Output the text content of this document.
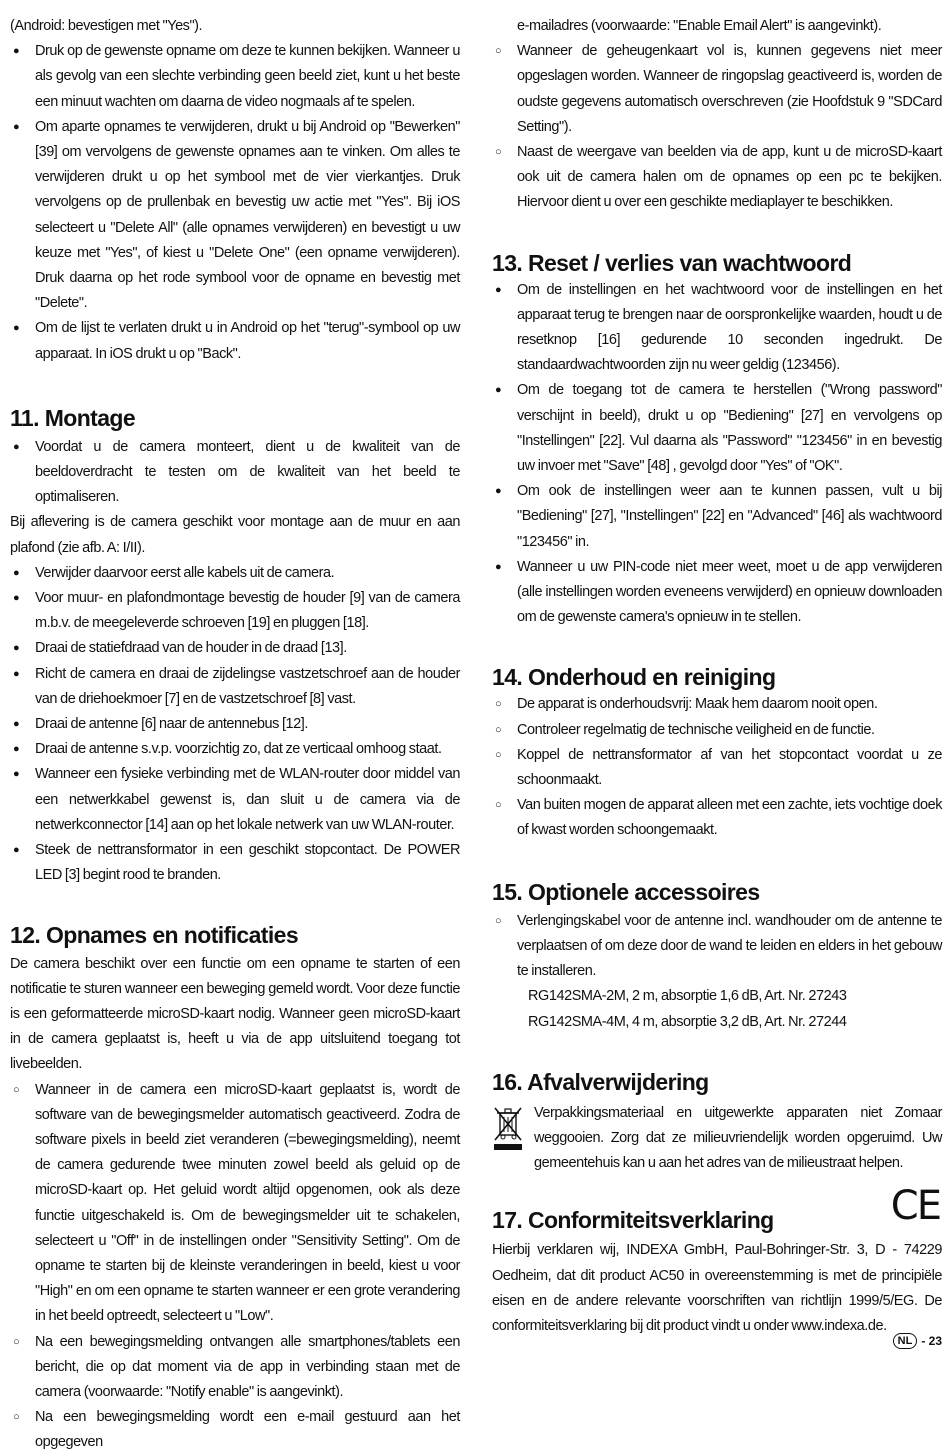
(Android: bevestigen met "Yes").

● Druk op de gewenste opname om deze te kunnen bekijken. Wanneer u als gevolg van een slechte verbinding geen beeld ziet, kunt u het beste een minuut wachten om daarna de video nogmaals af te spelen.
● Om aparte opnames te verwijderen, drukt u bij Android op "Bewerken" [39] om vervolgens de gewenste opnames aan te vinken. Om alles te verwijderen drukt u op het symbool met de vier vierkantjes. Druk vervolgens op de prullenbak en bevestig uw actie met "Yes". Bij iOS selecteert u "Delete All" (alle opnames verwijderen) en bevestigt u uw keuze met "Yes", of kiest u "Delete One" (een opname verwijderen). Druk daarna op het rode symbool voor de opname en bevestig met "Delete".
● Om de lijst te verlaten drukt u in Android op het "terug"-symbool op uw apparaat. In iOS drukt u op "Back".
11. Montage
● Voordat u de camera monteert, dient u de kwaliteit van de beeldoverdracht te testen om de kwaliteit van het beeld te optimaliseren.

Bij aflevering is de camera geschikt voor montage aan de muur en aan plafond (zie afb. A: I/II).

● Verwijder daarvoor eerst alle kabels uit de camera.
● Voor muur- en plafondmontage bevestig de houder [9] van de camera m.b.v. de meegeleverde schroeven [19] en pluggen [18].
● Draai de statiefdraad van de houder in de draad [13].
● Richt de camera en draai de zijdelingse vastzetschroef aan de houder van de driehoekmoer [7] en de vastzetschroef [8] vast.
● Draai de antenne [6] naar de antennebus [12].
● Draai de antenne s.v.p. voorzichtig zo, dat ze verticaal omhoog staat.
● Wanneer een fysieke verbinding met de WLAN-router door middel van een netwerkkabel gewenst is, dan sluit u de camera via de netwerkconnector [14] aan op het lokale netwerk van uw WLAN-router.
● Steek de nettransformator in een geschikt stopcontact. De POWER LED [3] begint rood te branden.
12. Opnames en notificaties

De camera beschikt over een functie om een opname te starten of een notificatie te sturen wanneer een beweging gemeld wordt. Voor deze functie is een geformatteerde microSD-kaart nodig. Wanneer geen microSD-kaart in de camera geplaatst is, heeft u via de app uitsluitend toegang tot livebeelden.

○ Wanneer in de camera een microSD-kaart geplaatst is, wordt de software van de bewegingsmelder automatisch geactiveerd. Zodra de software pixels in beeld ziet veranderen (=bewegingsmelding), neemt de camera gedurende twee minuten zowel beeld als geluid op de microSD-kaart op. Het geluid wordt altijd opgenomen, ook als deze functie uitgeschakeld is. Om de bewegingsmelder uit te schakelen, selecteert u "Off" in de instellingen onder "Sensitivity Setting". Om de opname te starten bij de kleinste veranderingen in beeld, kiest u voor "High" en om een opname te starten wanneer er een grote verandering in het beeld optreedt, selecteert u "Low".
○ Na een bewegingsmelding ontvangen alle smartphones/tablets een bericht, die op dat moment via de app in verbinding staan met de camera (voorwaarde: "Notify enable" is aangevinkt).
○ Na een bewegingsmelding wordt een e-mail gestuurd aan het opgegeven

e-mailadres (voorwaarde: "Enable Email Alert" is aangevinkt).

○ Wanneer de geheugenkaart vol is, kunnen gegevens niet meer opgeslagen worden. Wanneer de ringopslag geactiveerd is, worden de oudste gegevens automatisch overschreven (zie Hoofdstuk 9 "SDCard Setting").
○ Naast de weergave van beelden via de app, kunt u de microSD-kaart ook uit de camera halen om de opnames op een pc te bekijken. Hiervoor dient u over een geschikte mediaplayer te beschikken.
13. Reset / verlies van wachtwoord
● Om de instellingen en het wachtwoord voor de instellingen en het apparaat terug te brengen naar de oorspronkelijke waarden, houdt u de resetknop [16] gedurende 10 seconden ingedrukt. De standaardwachtwoorden zijn nu weer geldig (123456).
● Om de toegang tot de camera te herstellen ("Wrong password" verschijnt in beeld), drukt u op "Bediening" [27] en vervolgens op "Instellingen" [22]. Vul daarna als "Password" "123456" in en bevestig uw invoer met "Save" [48] , gevolgd door "Yes" of "OK".
● Om ook de instellingen weer aan te kunnen passen, vult u bij "Bediening" [27], "Instellingen" [22] en "Advanced" [46] als wachtwoord "123456" in.
● Wanneer u uw PIN-code niet meer weet, moet u de app verwijderen (alle instellingen worden eveneens verwijderd) en opnieuw downloaden om de gewenste camera's opnieuw in te stellen.
14. Onderhoud en reiniging
○ De apparat is onderhoudsvrij: Maak hem daarom nooit open.
○ Controleer regelmatig de technische veiligheid en de functie.
○ Koppel de nettransformator af van het stopcontact voordat u ze schoonmaakt.
○ Van buiten mogen de apparat alleen met een zachte, iets vochtige doek of kwast worden schoongemaakt.
15. Optionele accessoires
○ Verlengingskabel voor de antenne incl. wandhouder om de antenne te verplaatsen of om deze door de wand te leiden en elders in het gebouw te installeren.

RG142SMA-2M, 2 m, absorptie 1,6 dB, Art. Nr. 27243

RG142SMA-4M, 4 m, absorptie 3,2 dB, Art. Nr. 27244

16. Afvalverwijdering

Verpakkingsmateriaal en uitgewerkte apparaten niet Zomaar weggooien. Zorg dat ze milieuvriendelijk worden opgeruimd. Uw gemeentehuis kan u aan het adres van de milieustraat helpen.

17. Conformiteitsverklaring	CE

Hierbij verklaren wij, INDEXA GmbH, Paul-Bohringer-Str. 3, D - 74229 Oedheim, dat dit product AC50 in overeenstemming is met de principiële eisen en de andere relevante voorschriften van richtlijn 1999/5/EG. De conformiteitsverklaring bij dit product vindt u onder www.indexa.de.

NL - 23
